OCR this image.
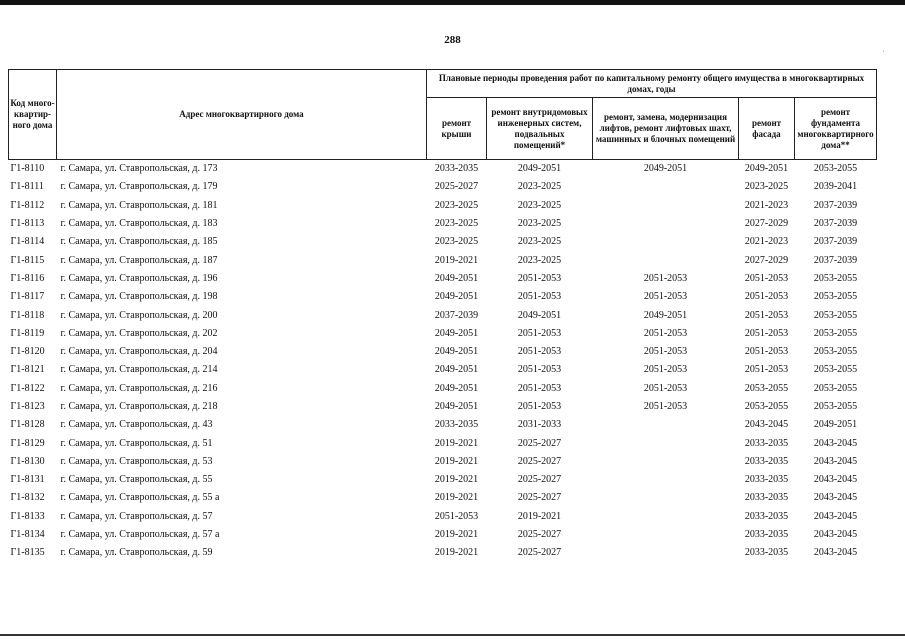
288
·
Код много-квартир-ного дома	Адрес многоквартирного дома	Плановые периоды проведения работ по капитальному ремонту общего имущества в многоквартирных домах, годы				
		ремонт крыши	ремонт внутридомовых инженерных систем, подвальных помещений*	ремонт, замена, модернизация лифтов, ремонт лифтовых шахт, машинных и блочных помещений	ремонт фасада	ремонт фундамента многоквартирного дома**
Г1-8110	г. Самара, ул. Ставропольская, д. 173	2033-2035	2049-2051	2049-2051	2049-2051	2053-2055
Г1-8111	г. Самара, ул. Ставропольская, д. 179	2025-2027	2023-2025		2023-2025	2039-2041
Г1-8112	г. Самара, ул. Ставропольская, д. 181	2023-2025	2023-2025		2021-2023	2037-2039
Г1-8113	г. Самара, ул. Ставропольская, д. 183	2023-2025	2023-2025		2027-2029	2037-2039
Г1-8114	г. Самара, ул. Ставропольская, д. 185	2023-2025	2023-2025		2021-2023	2037-2039
Г1-8115	г. Самара, ул. Ставропольская, д. 187	2019-2021	2023-2025		2027-2029	2037-2039
Г1-8116	г. Самара, ул. Ставропольская, д. 196	2049-2051	2051-2053	2051-2053	2051-2053	2053-2055
Г1-8117	г. Самара, ул. Ставропольская, д. 198	2049-2051	2051-2053	2051-2053	2051-2053	2053-2055
Г1-8118	г. Самара, ул. Ставропольская, д. 200	2037-2039	2049-2051	2049-2051	2051-2053	2053-2055
Г1-8119	г. Самара, ул. Ставропольская, д. 202	2049-2051	2051-2053	2051-2053	2051-2053	2053-2055
Г1-8120	г. Самара, ул. Ставропольская, д. 204	2049-2051	2051-2053	2051-2053	2051-2053	2053-2055
Г1-8121	г. Самара, ул. Ставропольская, д. 214	2049-2051	2051-2053	2051-2053	2051-2053	2053-2055
Г1-8122	г. Самара, ул. Ставропольская, д. 216	2049-2051	2051-2053	2051-2053	2053-2055	2053-2055
Г1-8123	г. Самара, ул. Ставропольская, д. 218	2049-2051	2051-2053	2051-2053	2053-2055	2053-2055
Г1-8128	г. Самара, ул. Ставропольская, д. 43	2033-2035	2031-2033		2043-2045	2049-2051
Г1-8129	г. Самара, ул. Ставропольская, д. 51	2019-2021	2025-2027		2033-2035	2043-2045
Г1-8130	г. Самара, ул. Ставропольская, д. 53	2019-2021	2025-2027		2033-2035	2043-2045
Г1-8131	г. Самара, ул. Ставропольская, д. 55	2019-2021	2025-2027		2033-2035	2043-2045
Г1-8132	г. Самара, ул. Ставропольская, д. 55 а	2019-2021	2025-2027		2033-2035	2043-2045
Г1-8133	г. Самара, ул. Ставропольская, д. 57	2051-2053	2019-2021		2033-2035	2043-2045
Г1-8134	г. Самара, ул. Ставропольская, д. 57 а	2019-2021	2025-2027		2033-2035	2043-2045
Г1-8135	г. Самара, ул. Ставропольская, д. 59	2019-2021	2025-2027		2033-2035	2043-2045
